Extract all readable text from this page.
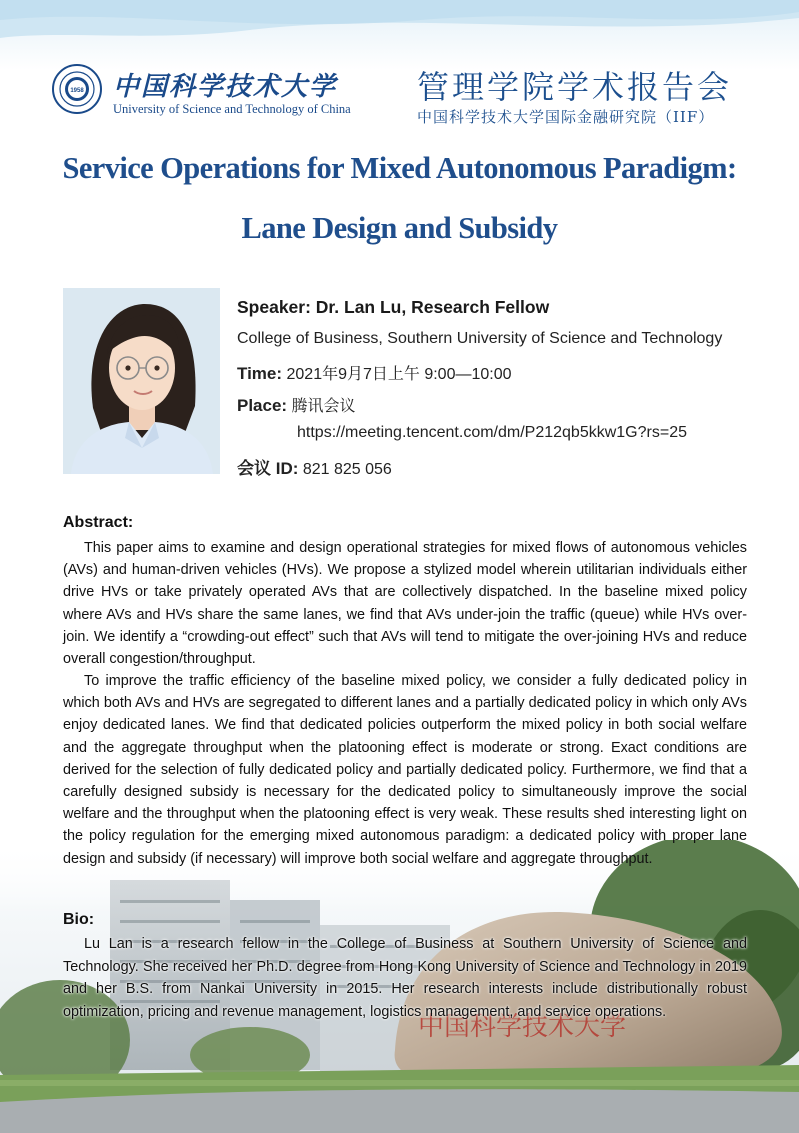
中国科学技术大学
1958 中国科学技术大学
University of Science and Technology of China
管理学院学术报告会
中国科学技术大学国际金融研究院（IIF）
Service Operations for Mixed Autonomous Paradigm:
Lane Design and Subsidy
Speaker: Dr. Lan Lu, Research Fellow
College of Business, Southern University of Science and Technology
Time: 2021年9月7日上午 9:00—10:00
Place: 腾讯会议
https://meeting.tencent.com/dm/P212qb5kkw1G?rs=25
会议 ID: 821 825 056
Abstract:
This paper aims to examine and design operational strategies for mixed flows of autonomous vehicles (AVs) and human-driven vehicles (HVs). We propose a stylized model wherein utilitarian individuals either drive HVs or take privately operated AVs that are collectively dispatched. In the baseline mixed policy where AVs and HVs share the same lanes, we find that AVs under-join the traffic (queue) while HVs over-join. We identify a “crowding-out effect” such that AVs will tend to mitigate the over-joining HVs and reduce overall congestion/throughput.
To improve the traffic efficiency of the baseline mixed policy, we consider a fully dedicated policy in which both AVs and HVs are segregated to different lanes and a partially dedicated policy in which only AVs enjoy dedicated lanes. We find that dedicated policies outperform the mixed policy in both social welfare and the aggregate throughput when the platooning effect is moderate or strong. Exact conditions are derived for the selection of fully dedicated policy and partially dedicated policy. Furthermore, we find that a carefully designed subsidy is necessary for the dedicated policy to simultaneously improve the social welfare and the throughput when the platooning effect is very weak. These results shed interesting light on the policy regulation for the emerging mixed autonomous paradigm: a dedicated policy with proper lane design and subsidy (if necessary) will improve both social welfare and aggregate throughput.
Bio:
Lu Lan is a research fellow in the College of Business at Southern University of Science and Technology. She received her Ph.D. degree from Hong Kong University of Science and Technology in 2019 and her B.S. from Nankai University in 2015. Her research interests include distributionally robust optimization, pricing and revenue management, logistics management, and service operations.
